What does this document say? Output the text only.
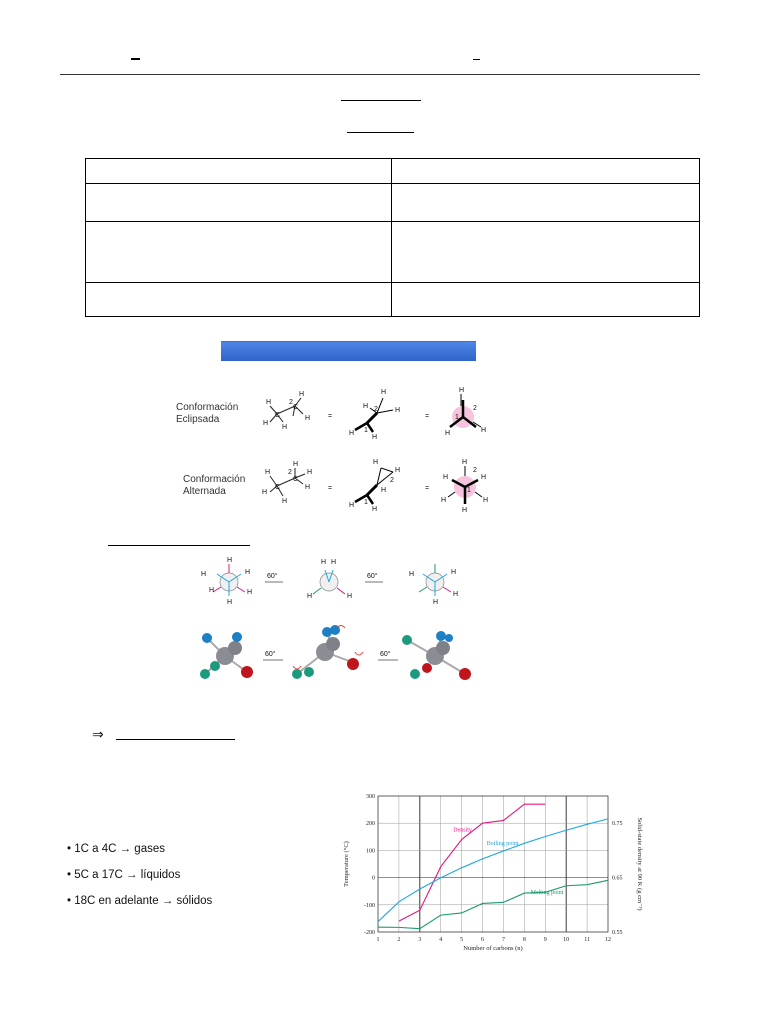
Conformación
Eclipsada
Conformación
Alternada
C
C
2
H
H
H
H
H	=
H
H
H
H
H
2
1
=
H
H	H
2
1
C
C
2
H
H
H
H
H
H	=
H
H
H
H
H
2
1
=
H
H	H
H	H
H
2
1
H
H
H
H
H
H
60°
H H
H	H
60°	H	H
H
H
60°	60°
⇒
• 1C a 4C → gases
• 5C a 17C → líquidos
• 18C en adelante → sólidos
1	2	3	4	5	6	7	8	9	10	11	12
300
200
100
0
-100
-200
0.75
0.65
0.55
Number of carbons (n)
Temperature (°C)	Solid-state density at 90 K (g cm⁻³)
Density
Boiling point
Melting point
